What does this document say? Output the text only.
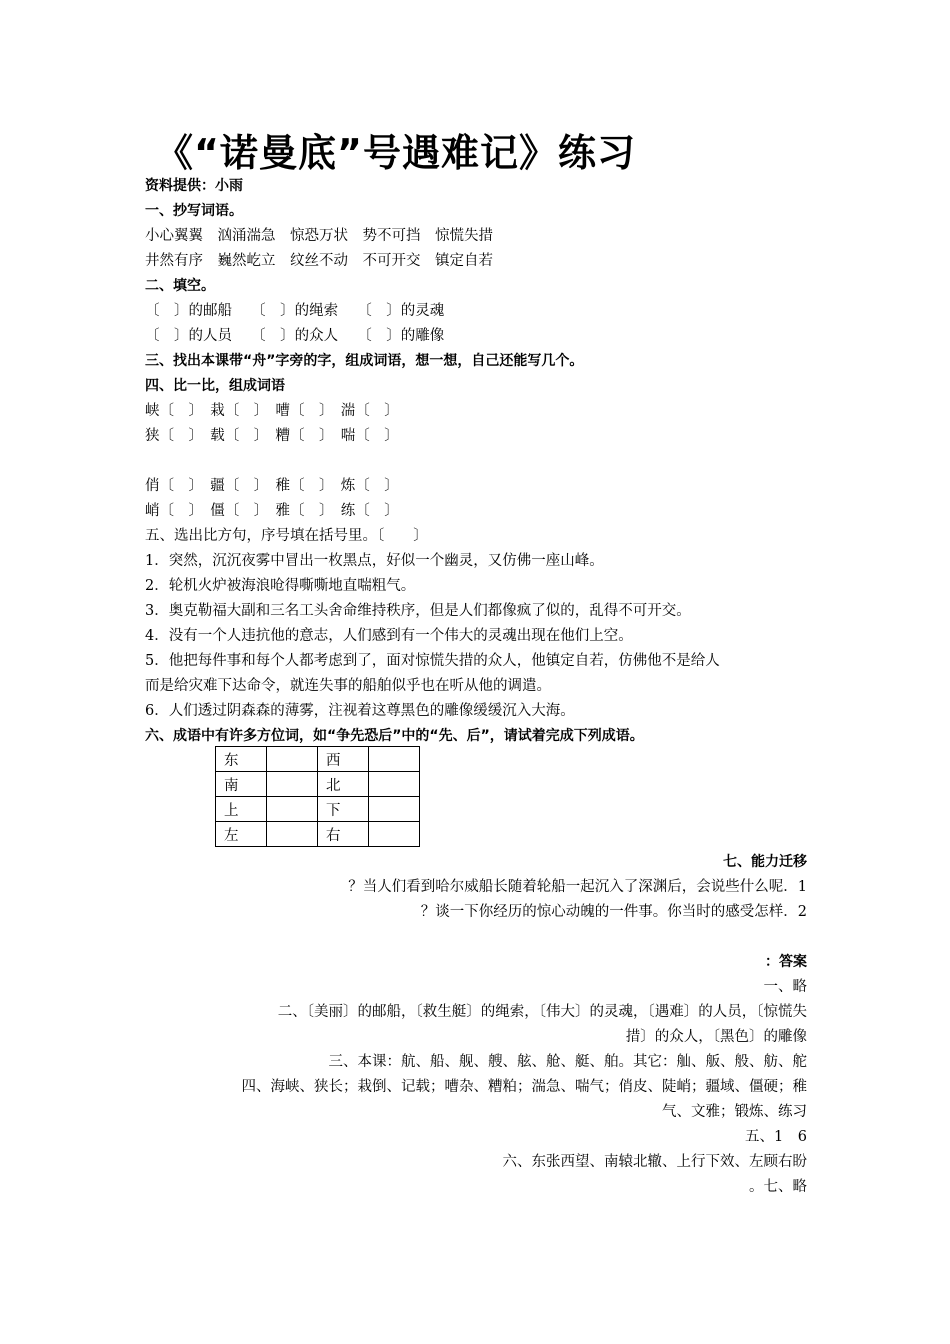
《“诺曼底”号遇难记》练习
资料提供：小雨
一、抄写词语。
小心翼翼　汹涌湍急　惊恐万状　势不可挡　惊慌失措
井然有序　巍然屹立　纹丝不动　不可开交　镇定自若
二、填空。
〔　〕的邮船　 〔　〕的绳索　 〔　〕的灵魂
〔　〕的人员　 〔　〕的众人　 〔　〕的雕像
三、找出本课带“舟”字旁的字，组成词语，想一想，自己还能写几个。
四、比一比，组成词语
峡〔　〕　栽〔　〕　嘈〔　〕　湍〔　〕
狭〔　〕　载〔　〕　糟〔　〕　喘〔　〕
俏〔　〕　疆〔　〕　稚〔　〕　炼〔　〕
峭〔　〕　僵〔　〕　雅〔　〕　练〔　〕
五、选出比方句，序号填在括号里。〔　　〕
1．突然，沉沉夜雾中冒出一枚黑点，好似一个幽灵，又仿佛一座山峰。
2．轮机火炉被海浪呛得嘶嘶地直喘粗气。
3．奥克勒福大副和三名工头舍命维持秩序，但是人们都像疯了似的，乱得不可开交。
4．没有一个人违抗他的意志，人们感到有一个伟大的灵魂出现在他们上空。
5．他把每件事和每个人都考虑到了，面对惊慌失措的众人，他镇定自若，仿佛他不是给人
而是给灾难下达命令，就连失事的船舶似乎也在听从他的调遣。
6．人们透过阴森森的薄雾，注视着这尊黑色的雕像缓缓沉入大海。
六、成语中有许多方位词，如“争先恐后”中的“先、后”，请试着完成下列成语。
东		西	
南		北	
上		下	
左		右	
七、能力迁移
？当人们看到哈尔威船长随着轮船一起沉入了深渊后，会说些什么呢．1
？谈一下你经历的惊心动魄的一件事。你当时的感受怎样．2
：答案
一、略
二、〔美丽〕的邮船，〔救生艇〕的绳索，〔伟大〕的灵魂，〔遇难〕的人员，〔惊慌失
措〕的众人，〔黑色〕的雕像
三、本课：航、船、舰、艘、舷、舱、艇、舶。其它：舢、舨、般、舫、舵
四、海峡、狭长；栽倒、记载；嘈杂、糟粕；湍急、喘气；俏皮、陡峭；疆域、僵硬；稚
气、文雅；锻炼、练习
五、1　6
六、东张西望、南辕北辙、上行下效、左顾右盼
。七、略
